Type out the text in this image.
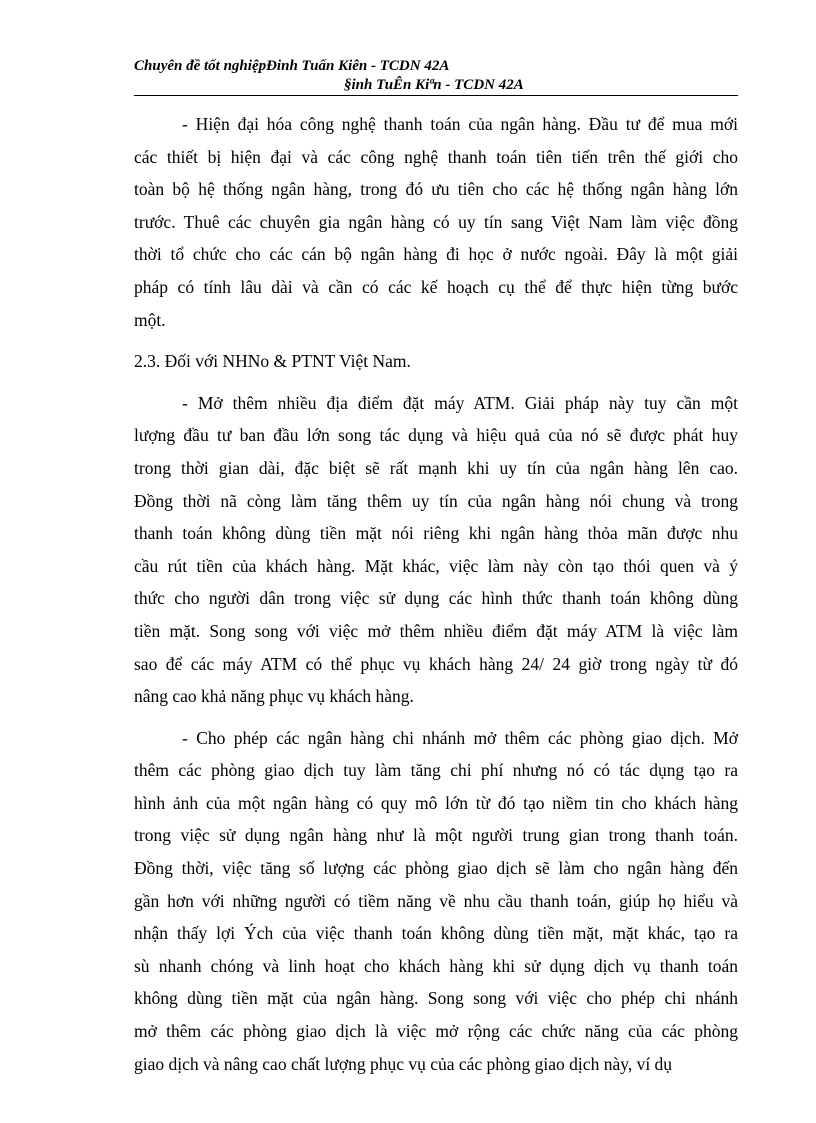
Chuyên đề tốt nghiệpĐinh Tuấn Kiên - TCDN 42A
§inh TuÊn Kiªn - TCDN 42A
- Hiện đại hóa công nghệ thanh toán của ngân hàng. Đầu tư để mua mới
các thiết bị hiện đại và các công nghệ thanh toán tiên tiến trên thế giới cho
toàn bộ hệ thống ngân hàng, trong đó ưu tiên cho các hệ thống ngân hàng lớn
trước. Thuê các chuyên gia ngân hàng có uy tín sang Việt Nam làm việc đồng
thời tổ chức cho các cán bộ ngân hàng đi học ở nước ngoài. Đây là một giải
pháp có tính lâu dài và cần có các kế hoạch cụ thể để thực hiện từng bước
một.
2.3. Đối với NHNo & PTNT Việt Nam.
- Mở thêm nhiều địa điểm đặt máy ATM. Giải pháp này tuy cần một
lượng đầu tư ban đầu lớn song tác dụng và hiệu quả của nó sẽ được phát huy
trong thời gian dài, đặc biệt sẽ rất mạnh khi uy tín của ngân hàng lên cao.
Đồng thời nã còng làm tăng thêm uy tín của ngân hàng nói chung và trong
thanh toán không dùng tiền mặt nói riêng khi ngân hàng thỏa mãn được nhu
cầu rút tiền của khách hàng. Mặt khác, việc làm này còn tạo thói quen và ý
thức cho người dân trong việc sử dụng các hình thức thanh toán không dùng
tiền mặt. Song song với việc mở thêm nhiều điểm đặt máy ATM là việc làm
sao để các máy ATM có thể phục vụ khách hàng 24/ 24 giờ trong ngày từ đó
nâng cao khả năng phục vụ khách hàng.
- Cho phép các ngân hàng chi nhánh mở thêm các phòng giao dịch. Mở
thêm các phòng giao dịch tuy làm tăng chi phí nhưng nó có tác dụng tạo ra
hình ảnh của một ngân hàng có quy mô lớn từ đó tạo niềm tin cho khách hàng
trong việc sử dụng ngân hàng như là một người trung gian trong thanh toán.
Đồng thời, việc tăng số lượng các phòng giao dịch sẽ làm cho ngân hàng đến
gần hơn với những người có tiềm năng về nhu cầu thanh toán, giúp họ hiểu và
nhận thấy lợi Ých của việc thanh toán không dùng tiền mặt, mặt khác, tạo ra
sù nhanh chóng và linh hoạt cho khách hàng khi sử dụng dịch vụ thanh toán
không dùng tiền mặt của ngân hàng. Song song với việc cho phép chi nhánh
mở thêm các phòng giao dịch là việc mở rộng các chức năng của các phòng
giao dịch và nâng cao chất lượng phục vụ của các phòng giao dịch này, ví dụ
